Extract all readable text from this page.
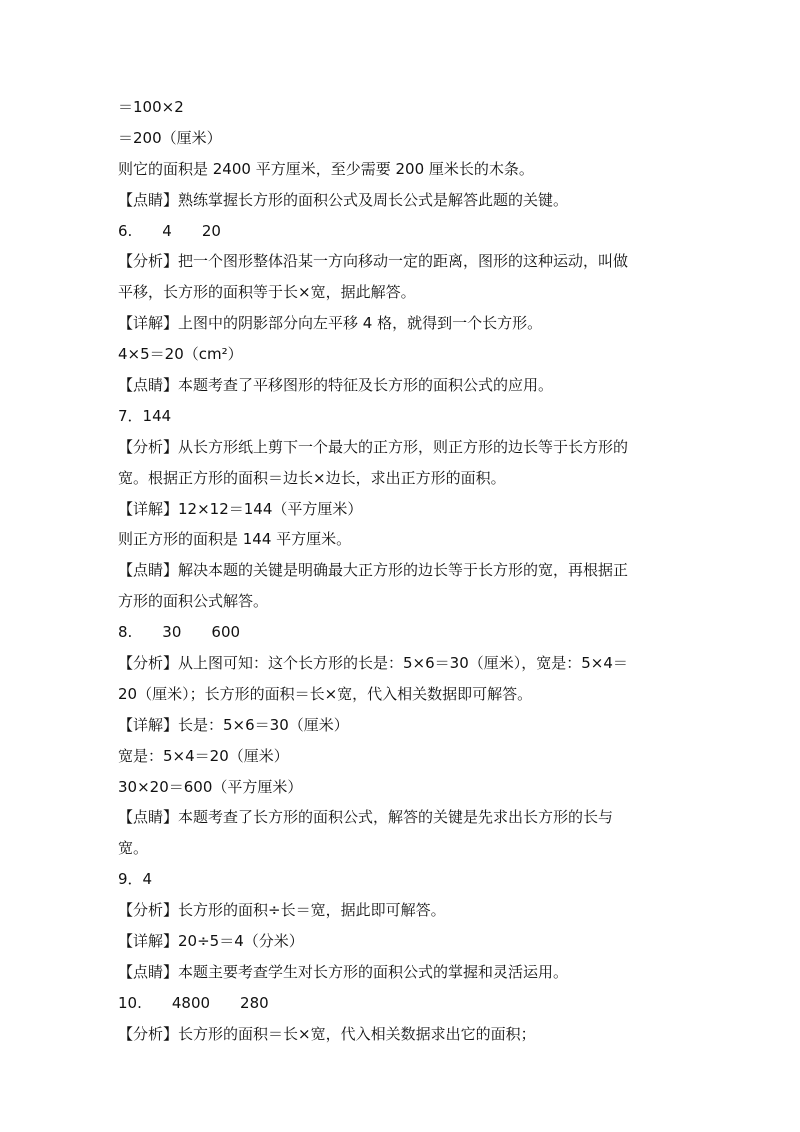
＝100×2
＝200（厘米）
则它的面积是 2400 平方厘米，至少需要 200 厘米长的木条。
【点睛】熟练掌握长方形的面积公式及周长公式是解答此题的关键。
6.　　4　　20
【分析】把一个图形整体沿某一方向移动一定的距离，图形的这种运动，叫做
平移，长方形的面积等于长×宽，据此解答。
【详解】上图中的阴影部分向左平移 4 格，就得到一个长方形。
4×5＝20（cm²）
【点睛】本题考查了平移图形的特征及长方形的面积公式的应用。
7．144
【分析】从长方形纸上剪下一个最大的正方形，则正方形的边长等于长方形的
宽。根据正方形的面积＝边长×边长，求出正方形的面积。
【详解】12×12＝144（平方厘米）
则正方形的面积是 144 平方厘米。
【点睛】解决本题的关键是明确最大正方形的边长等于长方形的宽，再根据正
方形的面积公式解答。
8.　　30　　600
【分析】从上图可知：这个长方形的长是：5×6＝30（厘米），宽是：5×4＝
20（厘米）；长方形的面积＝长×宽，代入相关数据即可解答。
【详解】长是：5×6＝30（厘米）
宽是：5×4＝20（厘米）
30×20＝600（平方厘米）
【点睛】本题考查了长方形的面积公式，解答的关键是先求出长方形的长与
宽。
9．4
【分析】长方形的面积÷长＝宽，据此即可解答。
【详解】20÷5＝4（分米）
【点睛】本题主要考查学生对长方形的面积公式的掌握和灵活运用。
10.　　4800　　280
【分析】长方形的面积＝长×宽，代入相关数据求出它的面积；
